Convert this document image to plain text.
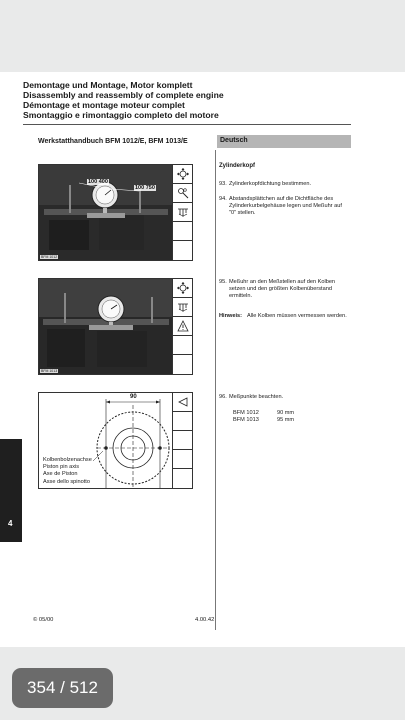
Demontage und Montage, Motor komplett
Disassembly and reassembly of complete engine
Démontage et montage moteur complet
Smontaggio e rimontaggio completo del motore
Werkstatthandbuch BFM 1012/E, BFM 1013/E	Deutsch
100 400
100 750
BFM 1012
BFM 1013
90
Kolbenbolzenachse
Piston pin axis
Axe de Piston
Asse dello spinotto
Zylinderkopf
93. Zylinderkopfdichtung bestimmen.
94. Abstandsplättchen auf die Dichtfläche des Zylinderkurbelgehäuse legen und Meßuhr auf "0" stellen.
95. Meßuhr an den Meßstellen auf den Kolben setzen und den größten Kolbenüberstand ermitteln.
Hinweis: Alle Kolben müssen vermessen werden.
96. Meßpunkte beachten.
BFM 1012	90 mm
BFM 1013	95 mm
© 05/00	4.00.42
4
354 / 512
